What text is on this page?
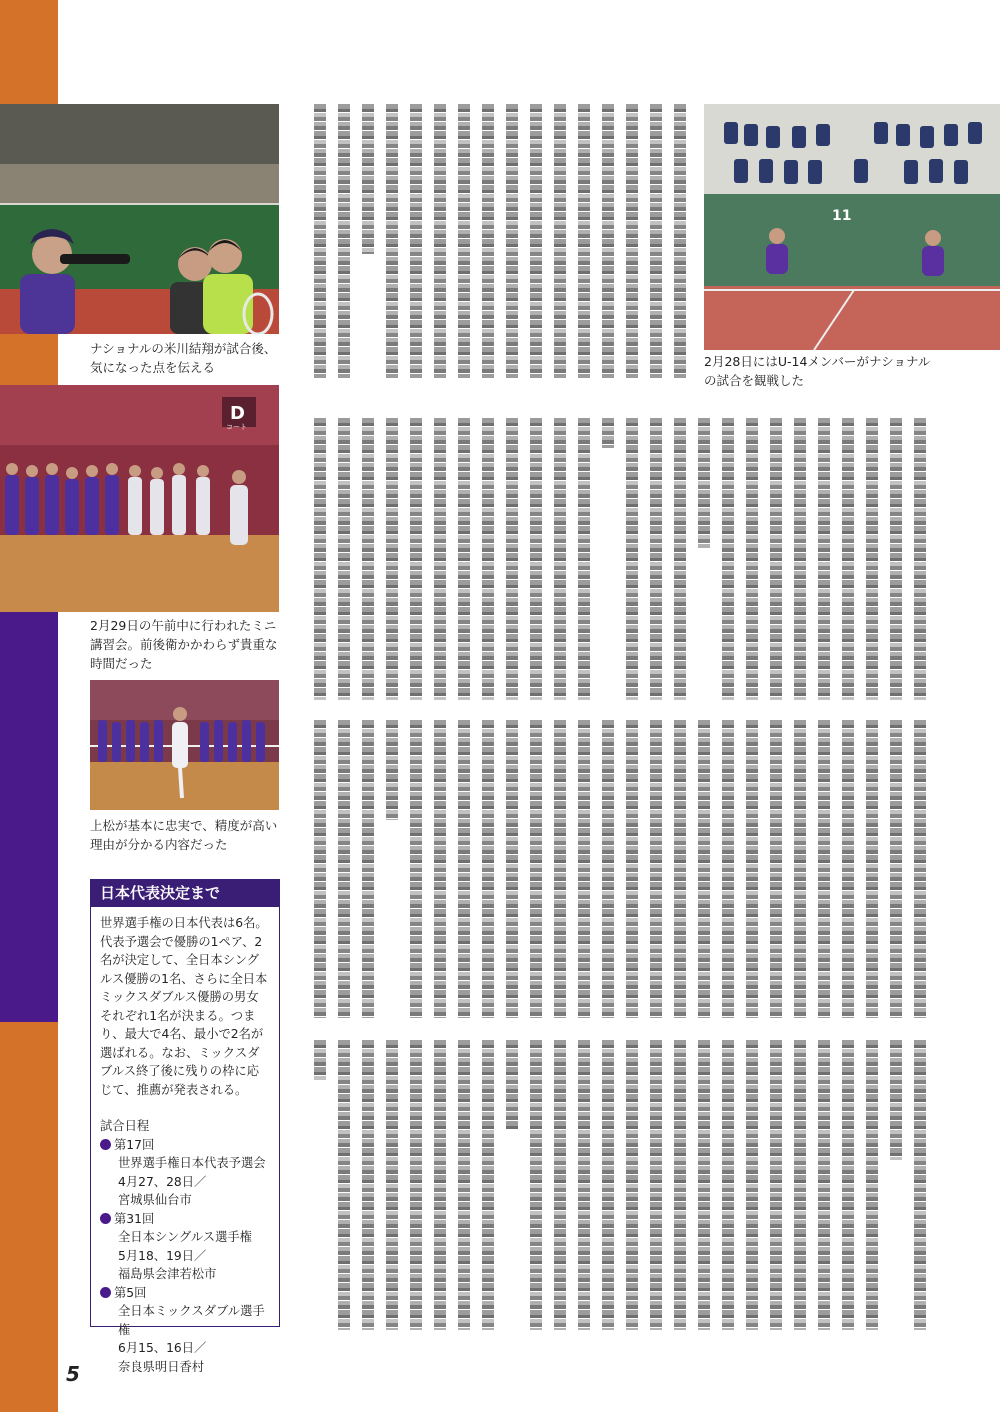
ナショナルの米川結翔が試合後、気になった点を伝える

11

2月28日にはU-14メンバーがナショナルの試合を観戦した

D
コート

2月29日の午前中に行われたミニ講習会。前後衛かかわらず貴重な時間だった

上松が基本に忠実で、精度が高い理由が分かる内容だった

日本代表決定まで

世界選手権の日本代表は6名。代表予選会で優勝の1ペア、2名が決定して、全日本シングルス優勝の1名、さらに全日本ミックスダブルス優勝の男女それぞれ1名が決まる。つまり、最大で4名、最小で2名が選ばれる。なお、ミックスダブルス終了後に残りの枠に応じて、推薦が発表される。

試合日程

第17回
世界選手権日本代表予選会
4月27、28日／
宮城県仙台市
第31回
全日本シングルス選手権
5月18、19日／
福島県会津若松市
第5回
全日本ミックスダブル選手権
6月15、16日／
奈良県明日香村
5
